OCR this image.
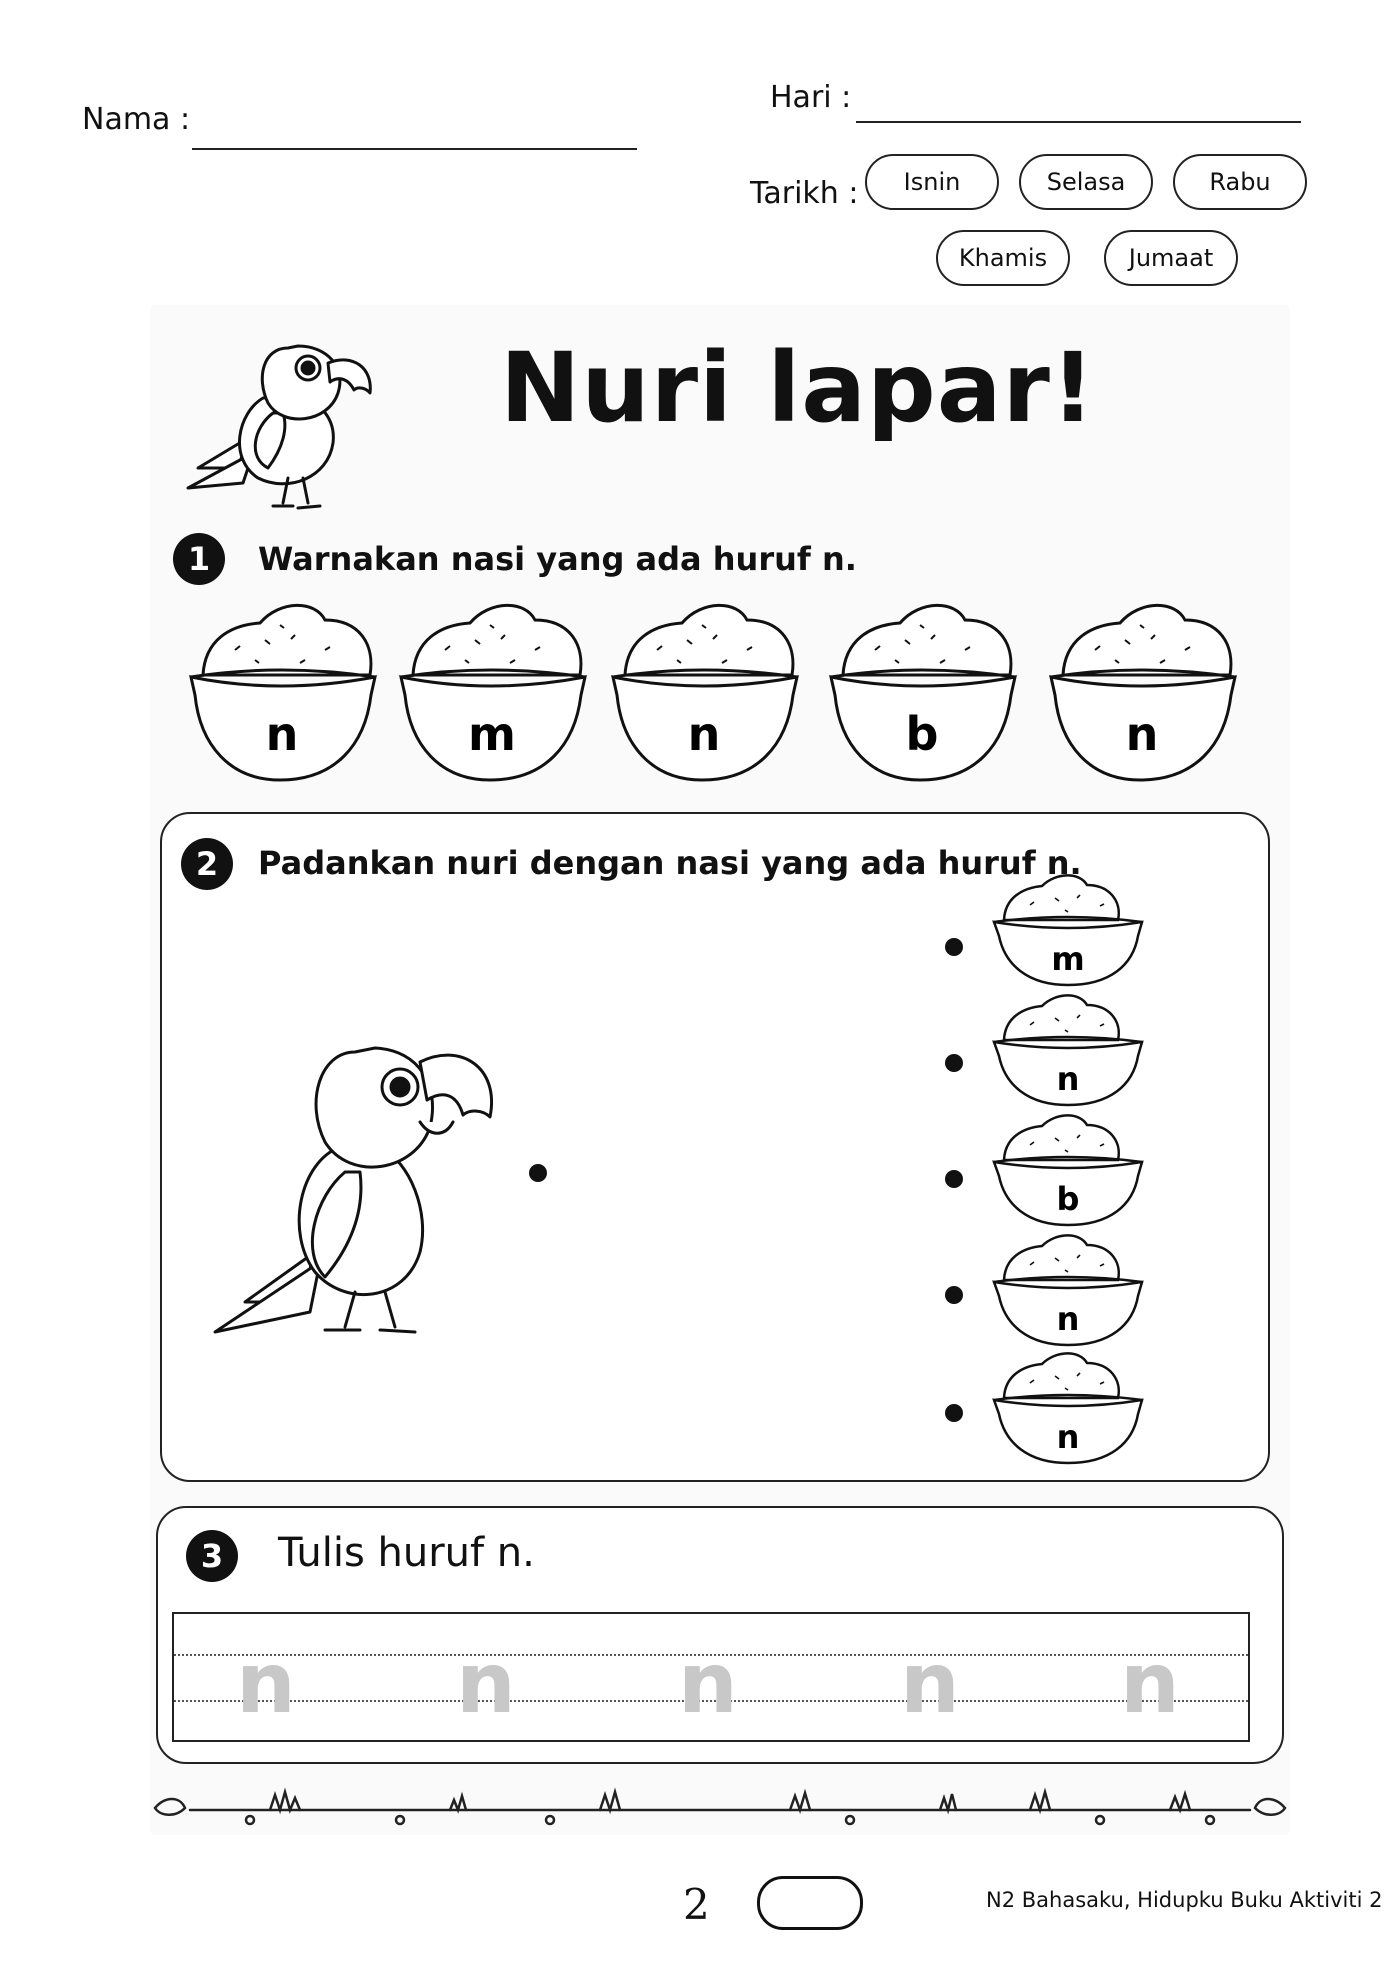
Nama :
Hari :
Tarikh :	Isnin	Selasa	Rabu
Khamis	Jumaat
Nuri lapar!
1	Warnakan nasi yang ada huruf n.
n	m	n	b	n
2	Padankan nuri dengan nasi yang ada huruf n.
m
n
b
n
n
3	Tulis huruf n.
n n n n n
2	N2 Bahasaku, Hidupku Buku Aktiviti 2
